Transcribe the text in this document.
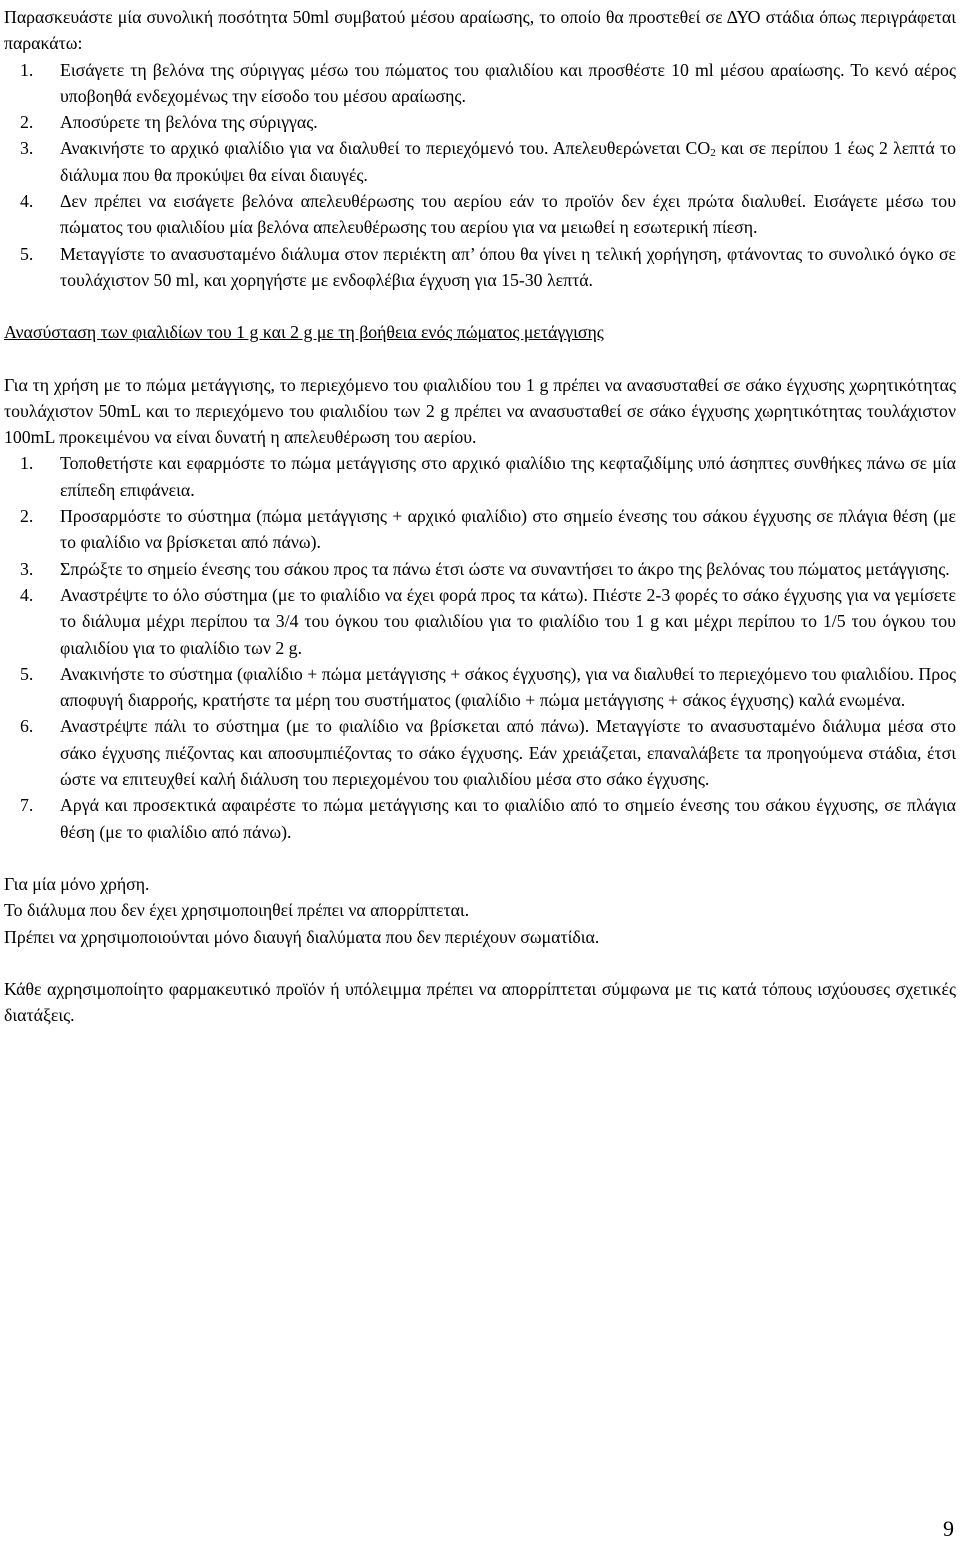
Παρασκευάστε μία συνολική ποσότητα 50ml συμβατού μέσου αραίωσης, το οποίο θα προστεθεί σε ΔΥΟ στάδια όπως περιγράφεται παρακάτω:

1. Εισάγετε τη βελόνα της σύριγγας μέσω του πώματος του φιαλιδίου και προσθέστε 10 ml μέσου αραίωσης. Το κενό αέρος υποβοηθά ενδεχομένως την είσοδο του μέσου αραίωσης.
2. Αποσύρετε τη βελόνα της σύριγγας.
3. Ανακινήστε το αρχικό φιαλίδιο για να διαλυθεί το περιεχόμενό του. Απελευθερώνεται $CO_2$ και σε περίπου 1 έως 2 λεπτά το διάλυμα που θα προκύψει θα είναι διαυγές.
4. Δεν πρέπει να εισάγετε βελόνα απελευθέρωσης του αερίου εάν το προϊόν δεν έχει πρώτα διαλυθεί. Εισάγετε μέσω του πώματος του φιαλιδίου μία βελόνα απελευθέρωσης του αερίου για να μειωθεί η εσωτερική πίεση.
5. Μεταγγίστε το ανασυσταμένο διάλυμα στον περιέκτη απ’ όπου θα γίνει η τελική χορήγηση, φτάνοντας το συνολικό όγκο σε τουλάχιστον 50 ml, και χορηγήστε με ενδοφλέβια έγχυση για 15-30 λεπτά.

Ανασύσταση των φιαλιδίων του 1 g και 2 g με τη βοήθεια ενός πώματος μετάγγισης

Για τη χρήση με το πώμα μετάγγισης, το περιεχόμενο του φιαλιδίου του 1 g πρέπει να ανασυσταθεί σε σάκο έγχυσης χωρητικότητας τουλάχιστον 50mL και το περιεχόμενο του φιαλιδίου των 2 g πρέπει να ανασυσταθεί σε σάκο έγχυσης χωρητικότητας τουλάχιστον 100mL προκειμένου να είναι δυνατή η απελευθέρωση του αερίου.

1. Τοποθετήστε και εφαρμόστε το πώμα μετάγγισης στο αρχικό φιαλίδιο της κεφταζιδίμης υπό άσηπτες συνθήκες πάνω σε μία επίπεδη επιφάνεια.
2. Προσαρμόστε το σύστημα (πώμα μετάγγισης + αρχικό φιαλίδιο) στο σημείο ένεσης του σάκου έγχυσης σε πλάγια θέση (με το φιαλίδιο να βρίσκεται από πάνω).
3. Σπρώξτε το σημείο ένεσης του σάκου προς τα πάνω έτσι ώστε να συναντήσει το άκρο της βελόνας του πώματος μετάγγισης.
4. Αναστρέψτε το όλο σύστημα (με το φιαλίδιο να έχει φορά προς τα κάτω). Πιέστε 2-3 φορές το σάκο έγχυσης για να γεμίσετε το διάλυμα μέχρι περίπου τα 3/4 του όγκου του φιαλιδίου για το φιαλίδιο του 1 g και μέχρι περίπου το 1/5 του όγκου του φιαλιδίου για το φιαλίδιο των 2 g.
5. Ανακινήστε το σύστημα (φιαλίδιο + πώμα μετάγγισης + σάκος έγχυσης), για να διαλυθεί το περιεχόμενο του φιαλιδίου. Προς αποφυγή διαρροής, κρατήστε τα μέρη του συστήματος (φιαλίδιο + πώμα μετάγγισης + σάκος έγχυσης) καλά ενωμένα.
6. Αναστρέψτε πάλι το σύστημα (με το φιαλίδιο να βρίσκεται από πάνω). Μεταγγίστε το ανασυσταμένο διάλυμα μέσα στο σάκο έγχυσης πιέζοντας και αποσυμπιέζοντας το σάκο έγχυσης. Εάν χρειάζεται, επαναλάβετε τα προηγούμενα στάδια, έτσι ώστε να επιτευχθεί καλή διάλυση του περιεχομένου του φιαλιδίου μέσα στο σάκο έγχυσης.
7. Αργά και προσεκτικά αφαιρέστε το πώμα μετάγγισης και το φιαλίδιο από το σημείο ένεσης του σάκου έγχυσης, σε πλάγια θέση (με το φιαλίδιο από πάνω).

Για μία μόνο χρήση.

Το διάλυμα που δεν έχει χρησιμοποιηθεί πρέπει να απορρίπτεται.

Πρέπει να χρησιμοποιούνται μόνο διαυγή διαλύματα που δεν περιέχουν σωματίδια.

Κάθε αχρησιμοποίητο φαρμακευτικό προϊόν ή υπόλειμμα πρέπει να απορρίπτεται σύμφωνα με τις κατά τόπους ισχύουσες σχετικές διατάξεις.

9
